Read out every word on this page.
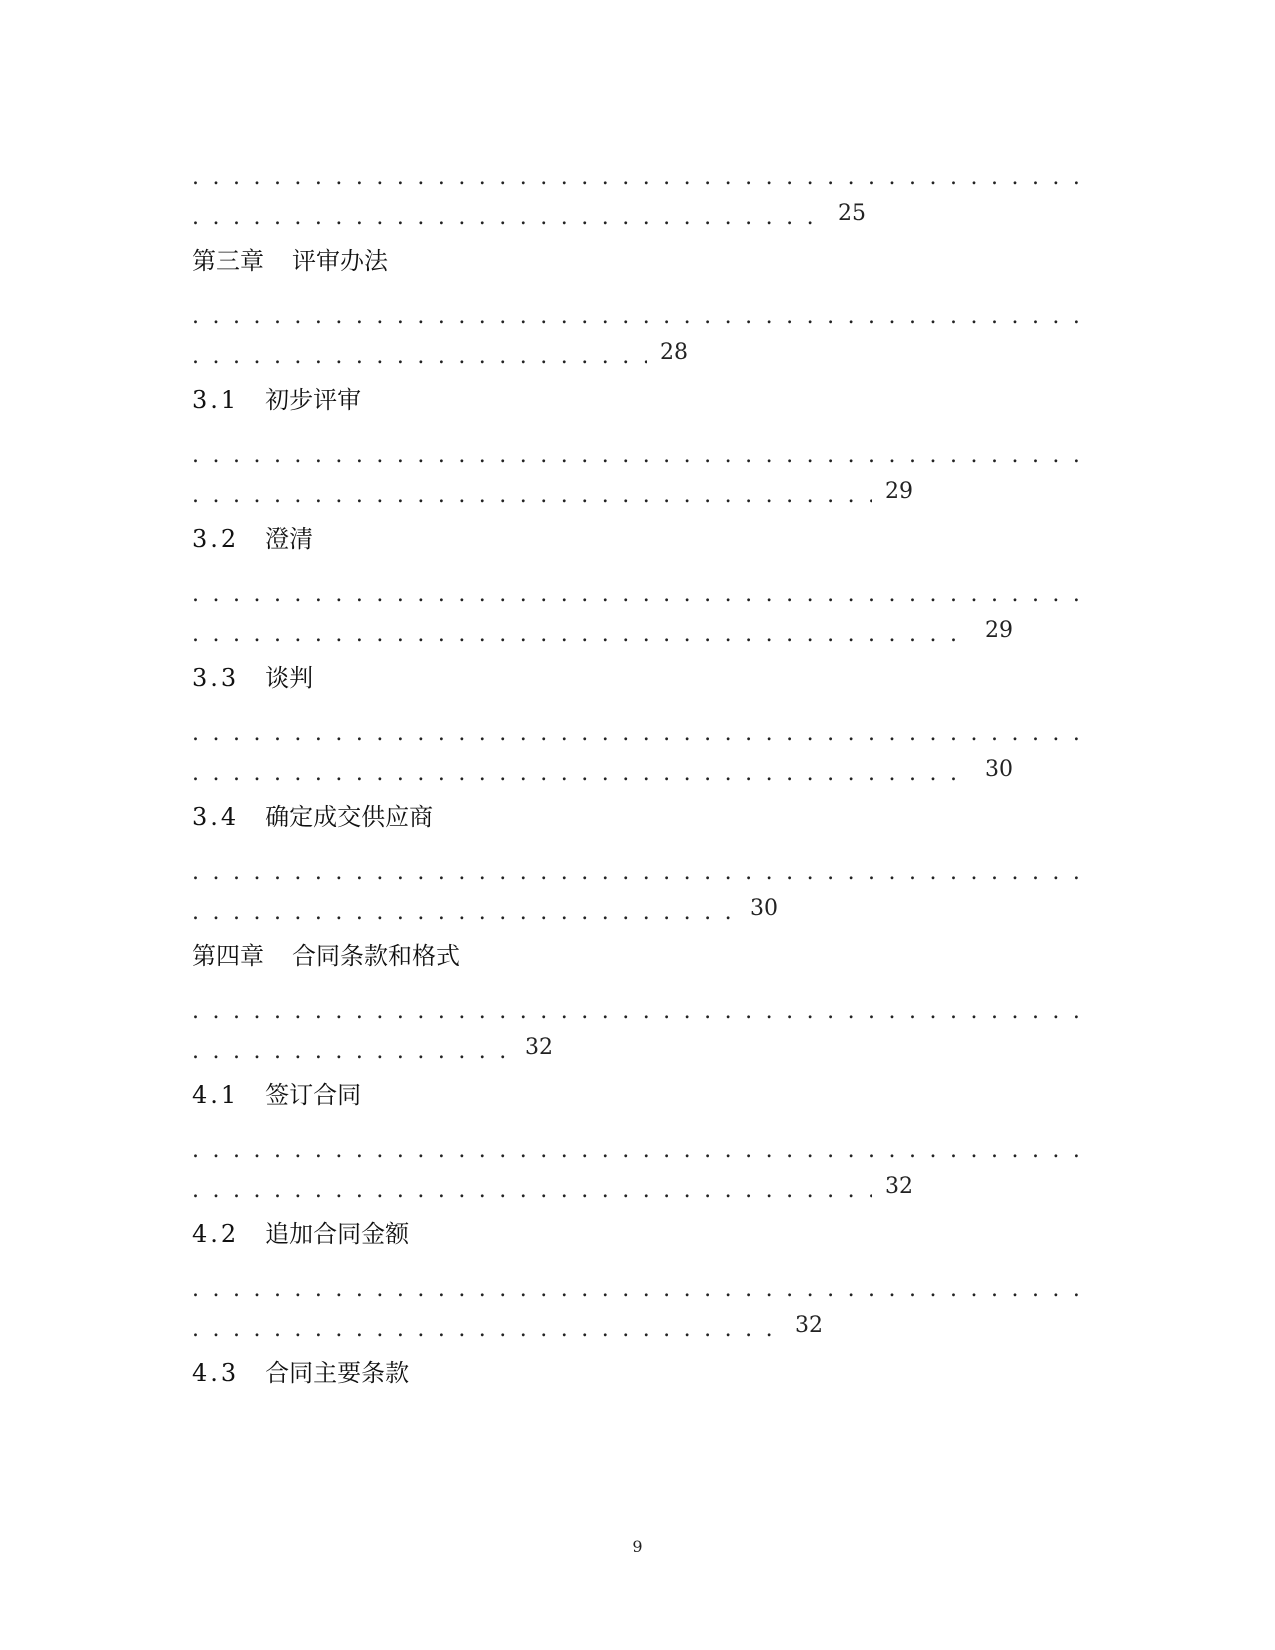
. . .
. . .
25
第三章 评审办法
. . .
. . .
28
3.1 初步评审
. . .
. . .
29
3.2 澄清
. . .
. . .
29
3.3 谈判
. . .
. . .
30
3.4 确定成交供应商
. . .
. . .
30
第四章 合同条款和格式
. . .
. . .
32
4.1 签订合同
. . .
. . .
32
4.2 追加合同金额
. . .
. . .
32
4.3 合同主要条款
9
